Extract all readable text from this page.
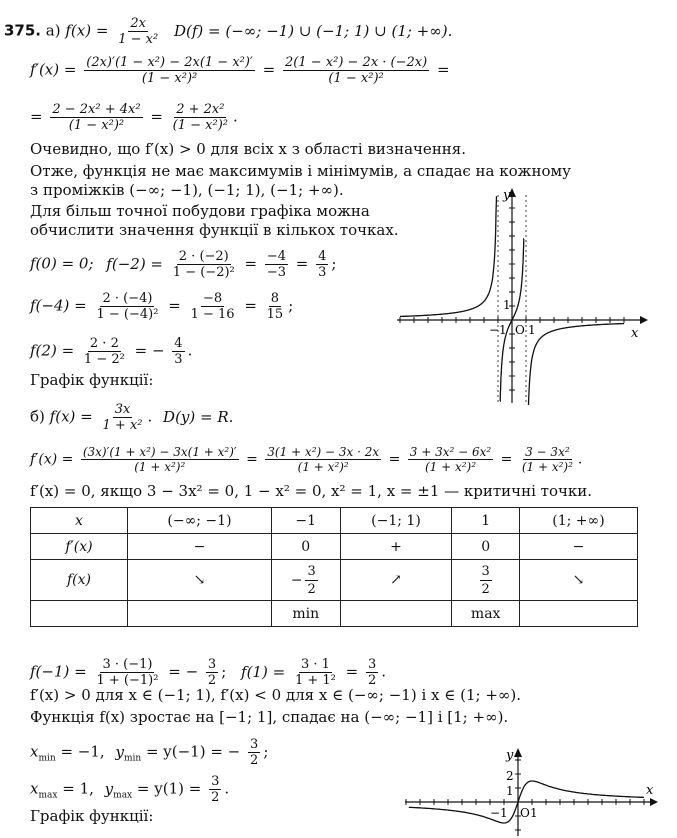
375. а) $f(x) = \frac{2x}{\text{1 − x²}} D(f)$ = (−∞; −1) ∪ (−1; 1) ∪ (1; +∞).
$f'(x) = \frac{\text{(2x)′(1 − x²) − 2x(1 − x²)′}}{\text{(1 − x²)²}} = \frac{\text{2(1 − x²) − 2x · (−2x)}}{\text{(1 − x²)²}}$ =
= $\frac{\text{2 − 2x² + 4x²}}{\text{(1 − x²)²}} = \frac{\text{2 + 2x²}}{\text{(1 − x²)²}}$ .
Очевидно, що f′(x) > 0 для всіх x з області визначення.
Отже, функція не має максимумів і мінімумів, а спадає на кожному
з проміжків (−∞; −1), (−1; 1), (−1; +∞).
Для більш точної побудови графіка можна
обчислити значення функції в кількох точках.
f(0) = 0; $f(-2) = \frac{2 \cdot (-2)}{\text{1 − (−2)²}} = \frac{-4}{-3} = \frac{4}{3}$ ;
$f(-4) = \frac{2 \cdot (-4)}{\text{1 − (−4)²}} = \frac{-8}{1 - 16} = \frac{8}{15}$ ;
$f(2) = \frac{2 \cdot 2}{\text{1 − 2²}}$ = − $\frac{4}{3}$ .
Графік функції:
y
x
1
1
−1 O
б) $f(x) = \frac{3x}{\text{1 + x²}}$ . D(y) = R.
$f'(x) = \frac{\text{(3x)′(1 + x²) − 3x(1 + x²)′}}{\text{(1 + x²)²}} = \frac{\text{3(1 + x²) − 3x · 2x}}{\text{(1 + x²)²}} = \frac{\text{3 + 3x² − 6x²}}{\text{(1 + x²)²}} = \frac{\text{3 − 3x²}}{\text{(1 + x²)²}}$ .
f′(x) = 0, якщо 3 − 3x² = 0, 1 − x² = 0, x² = 1, x = ±1 — критичні точки.
x	(−∞; −1)	−1	(−1; 1)	1	(1; +∞)
f′(x)	−	0	+	0	−
f(x)	↘	− $\frac{3}{2}$	↗	$\frac{3}{2}$	↘
		min		max	
$f(-1) = \frac{3 \cdot (-1)}{\text{1 + (−1)²}}$ = − $\frac{3}{2}$ ; $f(1) = \frac{3 \cdot 1}{\text{1 + 1²}} = \frac{3}{2}$ .
f′(x) > 0 для x ∈ (−1; 1), f′(x) < 0 для x ∈ (−∞; −1) і x ∈ (1; +∞).
Функція f(x) зростає на [−1; 1], спадає на (−∞; −1] і [1; +∞).
$x_{min} = -1$, $y_{min} = y(-1)$ = − $\frac{3}{2}$ ;
$x_{max} = 1$, $y_{max} = y(1) = \frac{3}{2}$ .
Графік функції:
y
x
2
1
1
−1 O
